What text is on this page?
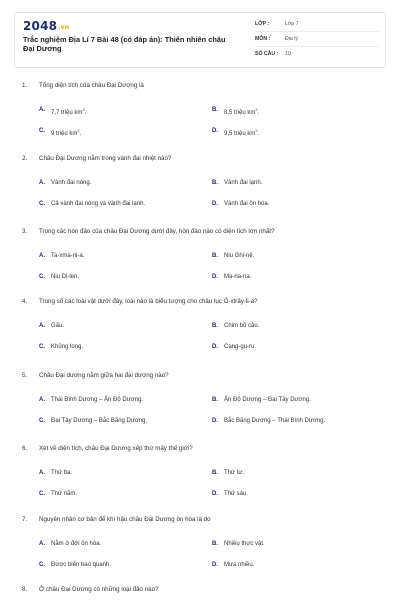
2048.vn
Trắc nghiệm Địa Lí 7 Bài 48 (có đáp án): Thiên nhiên châu Đại Dương
LỚP :	Lớp 7
MÔN :	Địa lý
SỐ CÂU :	10
1.	Tổng diện tích của châu Đại Dương là
A.	7,7 triệu $km^2$.	B.	8,5 triệu $km^2$.
C.	9 triệu $km^2$.	D.	9,5 triệu $km^2$.
2.	Châu Đại Dương nằm trong vành đai nhiệt nào?
A.	Vành đai nóng.	B.	Vành đai lạnh.
C.	Cả vành đai nóng và vành đai lạnh.	D.	Vành đai ôn hòa.
3.	Trong các hòn đảo của châu Đại Dương dưới đây, hòn đảo nào có diện tích lớn nhất?
A.	Ta-xma-ni-a.	B.	Niu Ghi-nê.
C.	Niu Di-len.	D.	Ma-ria-na.
4.	Trong số các loài vật dưới đây, loài nào là biểu tượng cho châu lục Ô-xtrây-li-a?
A.	Gấu.	B.	Chim bồ câu.
C.	Khủng long.	D.	Cang-gu-ru.
5.	Châu Đại dương nằm giữa hai đại dương nào?
A.	Thái Bình Dương – Ấn Độ Dương.	B.	Ấn Độ Dương – Đại Tây Dương.
C.	Đại Tây Dương – Bắc Băng Dương.	D.	Bắc Băng Dương – Thái Bình Dương.
6.	Xét về diện tích, châu Đại Dương xếp thứ mấy thế giới?
A.	Thứ ba.	B.	Thứ tư.
C.	Thứ năm.	D.	Thứ sáu.
7.	Nguyên nhân cơ bản để khí hậu châu Đại Dương ôn hòa là do
A.	Nằm ở đới ôn hòa.	B.	Nhiều thực vật.
C.	Được biển bao quanh.	D.	Mưa nhiều.
8.	Ở châu Đại Dương có những loại đảo nào?
